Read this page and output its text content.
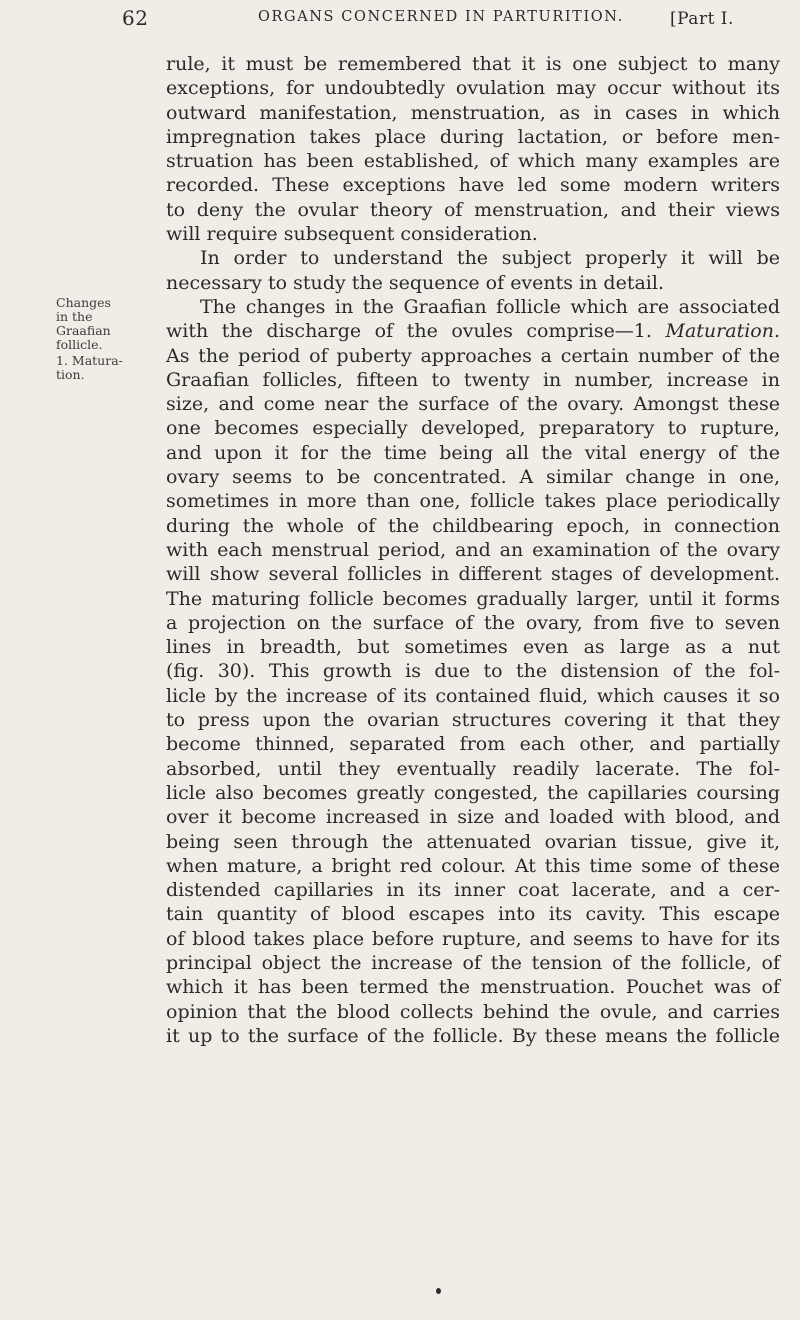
62	ORGANS CONCERNED IN PARTURITION.	[Part I.
Changes
in the
Graafian
follicle.
1. Matura-
tion.
rule, it must be remembered that it is one subject to many
exceptions, for undoubtedly ovulation may occur without its
outward manifestation, menstruation, as in cases in which
impregnation takes place during lactation, or before men-
struation has been established, of which many examples are
recorded. These exceptions have led some modern writers
to deny the ovular theory of menstruation, and their views
will require subsequent consideration.
In order to understand the subject properly it will be
necessary to study the sequence of events in detail.
The changes in the Graafian follicle which are associated
with the discharge of the ovules comprise—1. Maturation.
As the period of puberty approaches a certain number of the
Graafian follicles, fifteen to twenty in number, increase in
size, and come near the surface of the ovary. Amongst these
one becomes especially developed, preparatory to rupture,
and upon it for the time being all the vital energy of the
ovary seems to be concentrated. A similar change in one,
sometimes in more than one, follicle takes place periodically
during the whole of the childbearing epoch, in connection
with each menstrual period, and an examination of the ovary
will show several follicles in different stages of development.
The maturing follicle becomes gradually larger, until it forms
a projection on the surface of the ovary, from five to seven
lines in breadth, but sometimes even as large as a nut
(fig. 30). This growth is due to the distension of the fol-
licle by the increase of its contained fluid, which causes it so
to press upon the ovarian structures covering it that they
become thinned, separated from each other, and partially
absorbed, until they eventually readily lacerate. The fol-
licle also becomes greatly congested, the capillaries coursing
over it become increased in size and loaded with blood, and
being seen through the attenuated ovarian tissue, give it,
when mature, a bright red colour. At this time some of these
distended capillaries in its inner coat lacerate, and a cer-
tain quantity of blood escapes into its cavity. This escape
of blood takes place before rupture, and seems to have for its
principal object the increase of the tension of the follicle, of
which it has been termed the menstruation. Pouchet was of
opinion that the blood collects behind the ovule, and carries
it up to the surface of the follicle. By these means the follicle
